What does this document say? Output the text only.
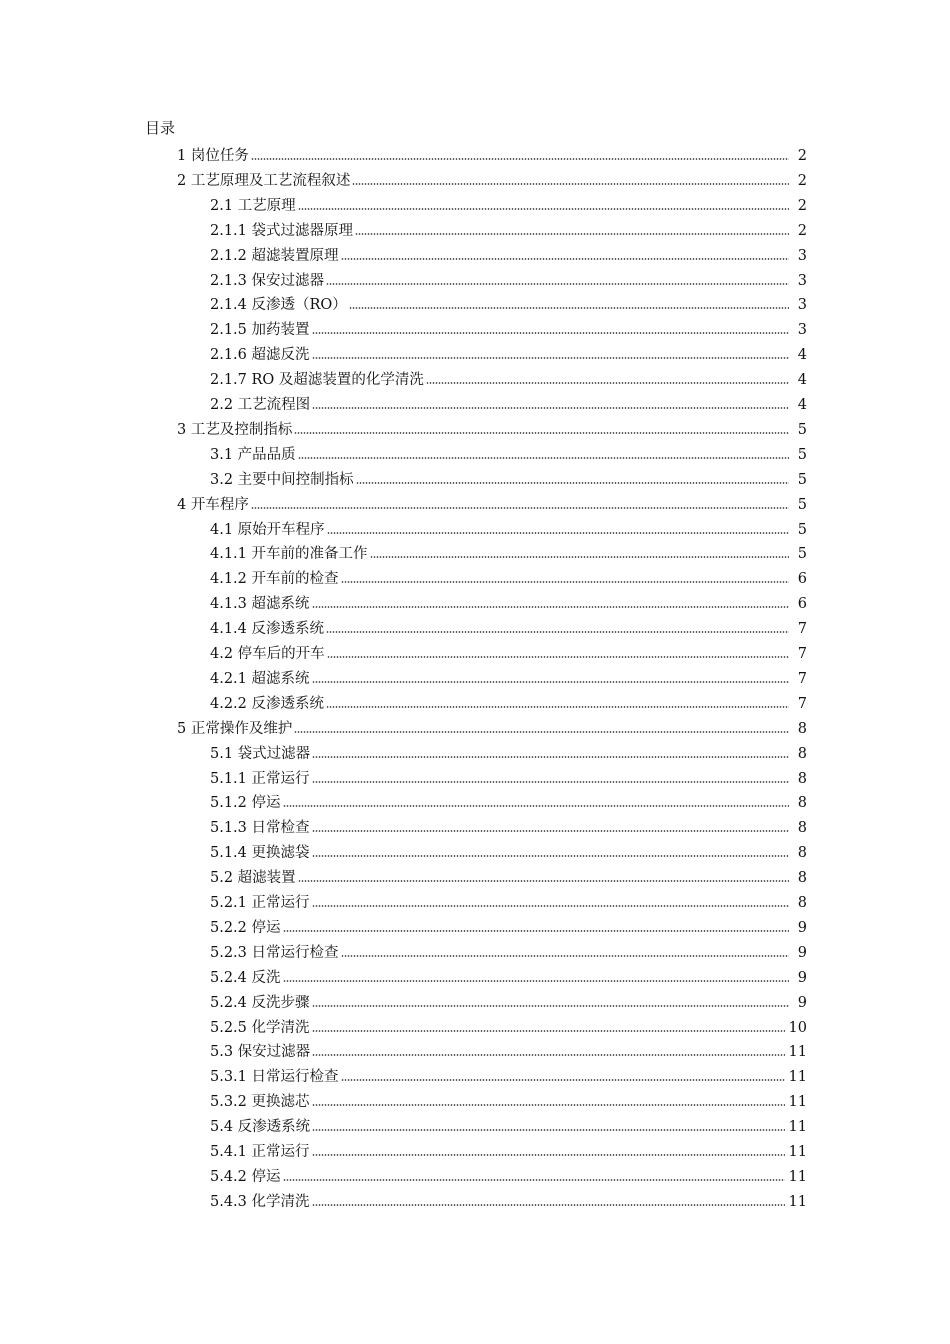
目录
1 岗位任务	2
2 工艺原理及工艺流程叙述	2
2.1 工艺原理	2
2.1.1 袋式过滤器原理	2
2.1.2 超滤装置原理	3
2.1.3 保安过滤器	3
2.1.4 反渗透（RO）	3
2.1.5 加药装置	3
2.1.6 超滤反洗	4
2.1.7 RO 及超滤装置的化学清洗	4
2.2 工艺流程图	4
3 工艺及控制指标	5
3.1 产品品质	5
3.2 主要中间控制指标	5
4 开车程序	5
4.1 原始开车程序	5
4.1.1 开车前的准备工作	5
4.1.2 开车前的检查	6
4.1.3 超滤系统	6
4.1.4 反渗透系统	7
4.2 停车后的开车	7
4.2.1 超滤系统	7
4.2.2 反渗透系统	7
5 正常操作及维护	8
5.1 袋式过滤器	8
5.1.1 正常运行	8
5.1.2 停运	8
5.1.3 日常检查	8
5.1.4 更换滤袋	8
5.2 超滤装置	8
5.2.1 正常运行	8
5.2.2 停运	9
5.2.3 日常运行检查	9
5.2.4 反洗	9
5.2.4 反洗步骤	9
5.2.5 化学清洗	10
5.3 保安过滤器	11
5.3.1 日常运行检查	11
5.3.2 更换滤芯	11
5.4 反渗透系统	11
5.4.1 正常运行	11
5.4.2 停运	11
5.4.3 化学清洗	11
